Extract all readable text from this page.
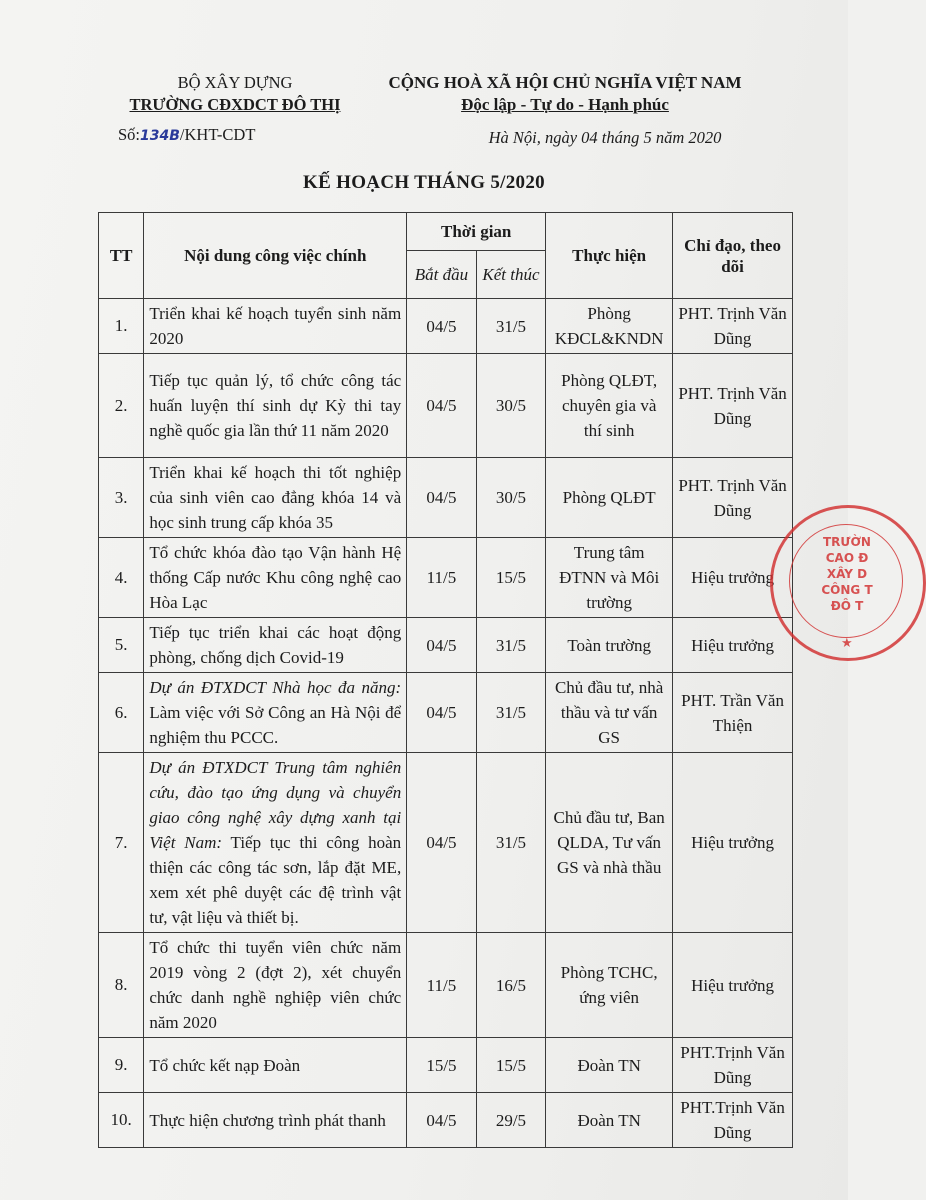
BỘ XÂY DỰNG
TRƯỜNG CĐXDCT ĐÔ THỊ
CỘNG HOÀ XÃ HỘI CHỦ NGHĨA VIỆT NAM
Độc lập - Tự do - Hạnh phúc
Số:134B/KHT-CDT	Hà Nội, ngày 04 tháng 5 năm 2020
KẾ HOẠCH THÁNG 5/2020
TT	Nội dung công việc chính	Thời gian		Thực hiện	Chỉ đạo, theo dõi
		Bắt đầu	Kết thúc		
1.	Triển khai kế hoạch tuyển sinh năm 2020	04/5	31/5	Phòng KĐCL&KNDN	PHT. Trịnh Văn Dũng
2.	Tiếp tục quản lý, tổ chức công tác huấn luyện thí sinh dự Kỳ thi tay nghề quốc gia lần thứ 11 năm 2020	04/5	30/5	Phòng QLĐT, chuyên gia và thí sinh	PHT. Trịnh Văn Dũng
3.	Triển khai kế hoạch thi tốt nghiệp của sinh viên cao đẳng khóa 14 và học sinh trung cấp khóa 35	04/5	30/5	Phòng QLĐT	PHT. Trịnh Văn Dũng
4.	Tổ chức khóa đào tạo Vận hành Hệ thống Cấp nước Khu công nghệ cao Hòa Lạc	11/5	15/5	Trung tâm ĐTNN và Môi trường	Hiệu trưởng
5.	Tiếp tục triển khai các hoạt động phòng, chống dịch Covid-19	04/5	31/5	Toàn trường	Hiệu trưởng
6.	Dự án ĐTXDCT Nhà học đa năng: Làm việc với Sở Công an Hà Nội để nghiệm thu PCCC.	04/5	31/5	Chủ đầu tư, nhà thầu và tư vấn GS	PHT. Trần Văn Thiện
7.	Dự án ĐTXDCT Trung tâm nghiên cứu, đào tạo ứng dụng và chuyển giao công nghệ xây dựng xanh tại Việt Nam: Tiếp tục thi công hoàn thiện các công tác sơn, lắp đặt ME, xem xét phê duyệt các đệ trình vật tư, vật liệu và thiết bị.	04/5	31/5	Chủ đầu tư, Ban QLDA, Tư vấn GS và nhà thầu	Hiệu trưởng
8.	Tổ chức thi tuyển viên chức năm 2019 vòng 2 (đợt 2), xét chuyển chức danh nghề nghiệp viên chức năm 2020	11/5	16/5	Phòng TCHC, ứng viên	Hiệu trưởng
9.	Tổ chức kết nạp Đoàn	15/5	15/5	Đoàn TN	PHT.Trịnh Văn Dũng
10.	Thực hiện chương trình phát thanh	04/5	29/5	Đoàn TN	PHT.Trịnh Văn Dũng
TRƯỜN
CAO Đ
XÂY D
CÔNG T
ĐÔ T
★
